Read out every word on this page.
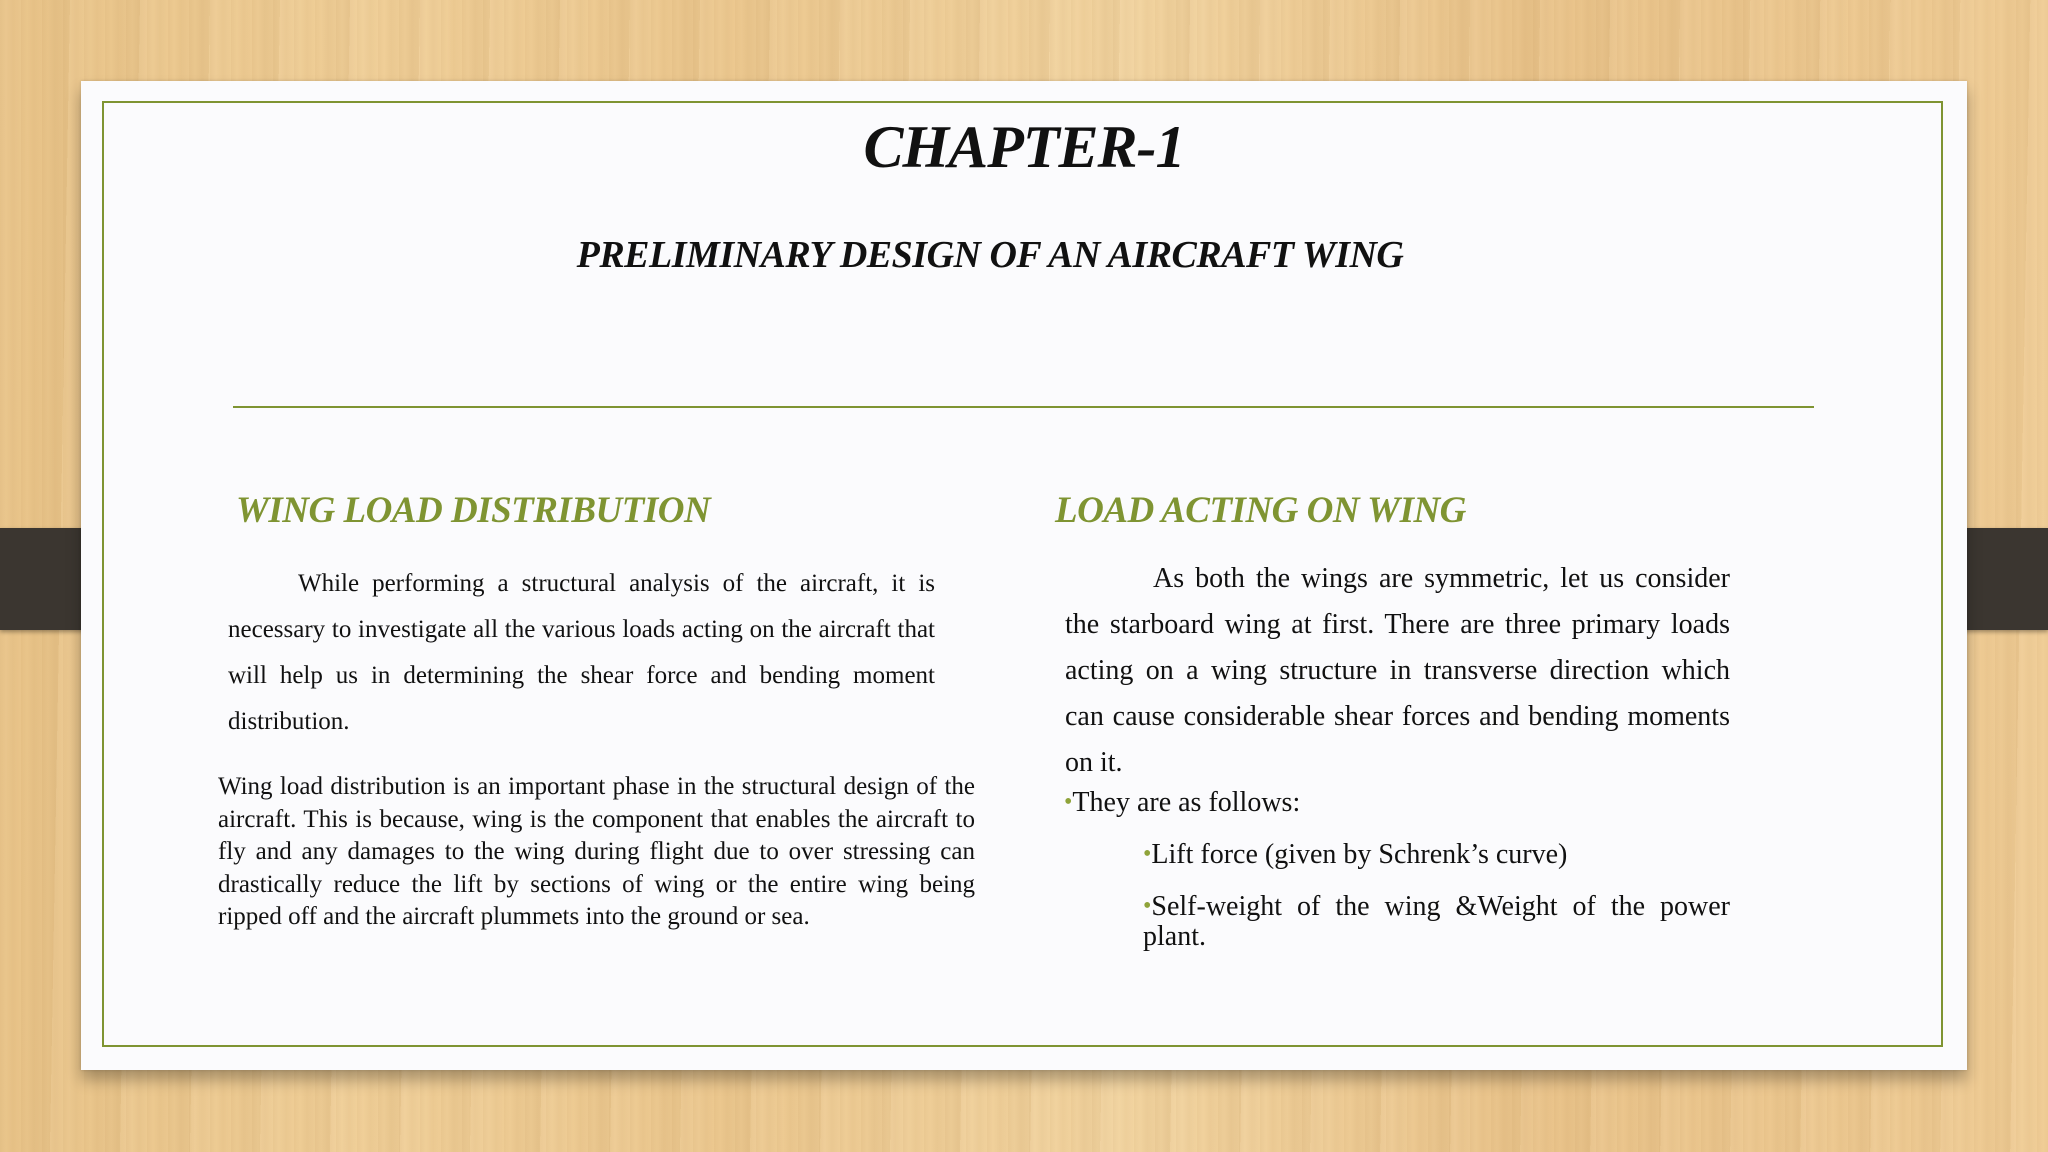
CHAPTER-1
PRELIMINARY DESIGN OF AN AIRCRAFT WING
WING LOAD DISTRIBUTION

While performing a structural analysis of the aircraft, it is necessary to investigate all the various loads acting on the aircraft that will help us in determining the shear force and bending moment distribution.

Wing load distribution is an important phase in the structural design of the aircraft. This is because, wing is the component that enables the aircraft to fly and any damages to the wing during flight due to over stressing can drastically reduce the lift by sections of wing or the entire wing being ripped off and the aircraft plummets into the ground or sea.

LOAD ACTING ON WING

As both the wings are symmetric, let us consider the starboard wing at first. There are three primary loads acting on a wing structure in transverse direction which can cause considerable shear forces and bending moments on it.

•They are as follows:

•Lift force (given by Schrenk’s curve)

•Self-weight of the wing &Weight of the power plant.
